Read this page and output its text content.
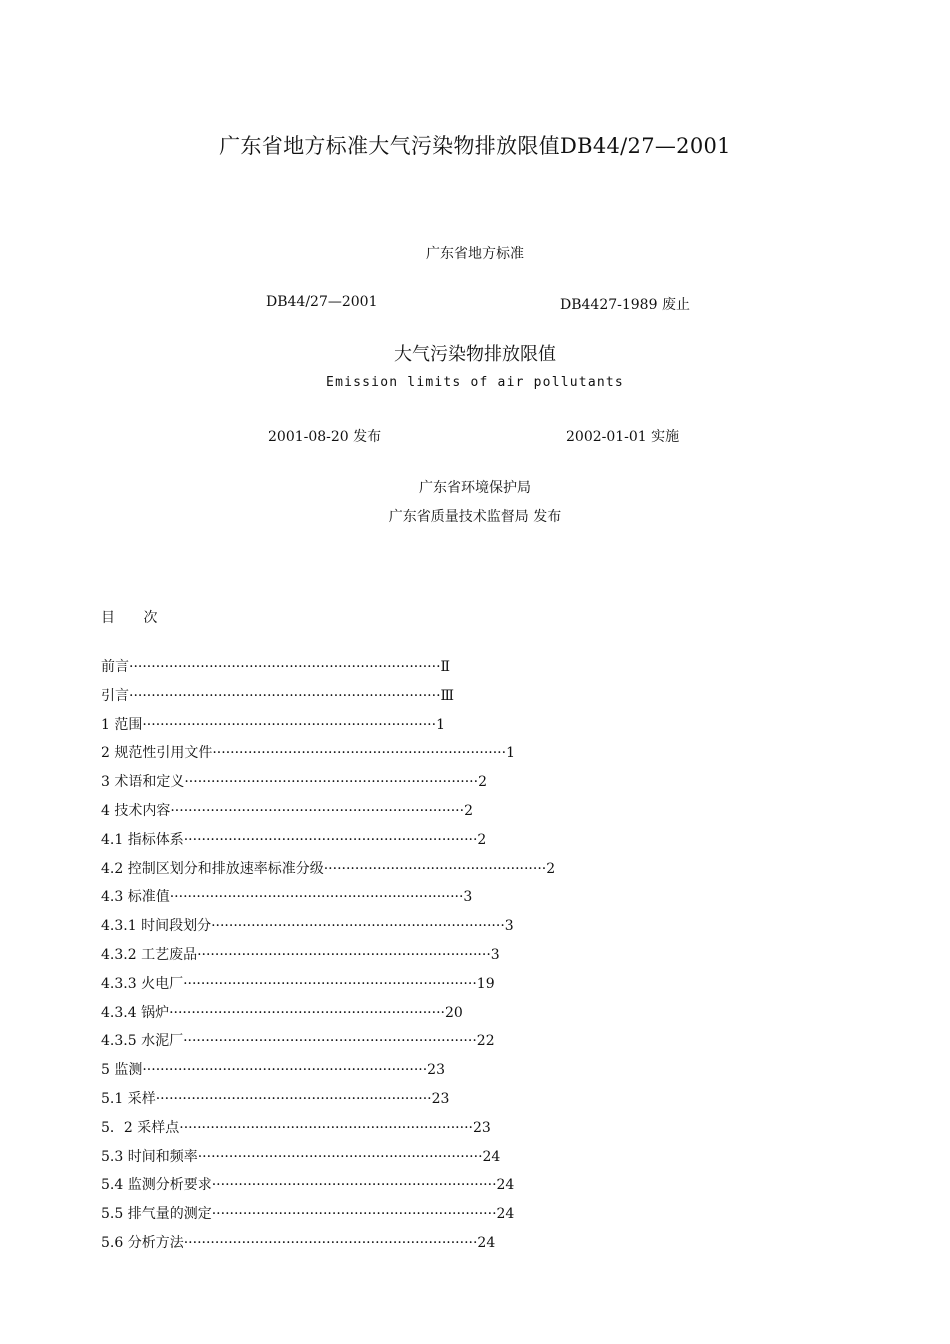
广东省地方标准大气污染物排放限值DB44/27—2001
广东省地方标准
DB44/27—2001	DB4427-1989 废止
大气污染物排放限值
Emission limits of air pollutants
2001-08-20 发布	2002-01-01 实施
广东省环境保护局
广东省质量技术监督局 发布
目 次
前言······································································Ⅱ
引言······································································Ⅲ
1 范围··································································1
2 规范性引用文件··································································1
3 术语和定义··································································2
4 技术内容··································································2
4.1 指标体系··································································2
4.2 控制区划分和排放速率标准分级··················································2
4.3 标准值··································································3
4.3.1 时间段划分··································································3
4.3.2 工艺废品··································································3
4.3.3 火电厂··································································19
4.3.4 锅炉······························································20
4.3.5 水泥厂··································································22
5 监测································································23
5.1 采样······························································23
5．2 采样点··································································23
5.3 时间和频率································································24
5.4 监测分析要求································································24
5.5 排气量的测定································································24
5.6 分析方法··································································24
